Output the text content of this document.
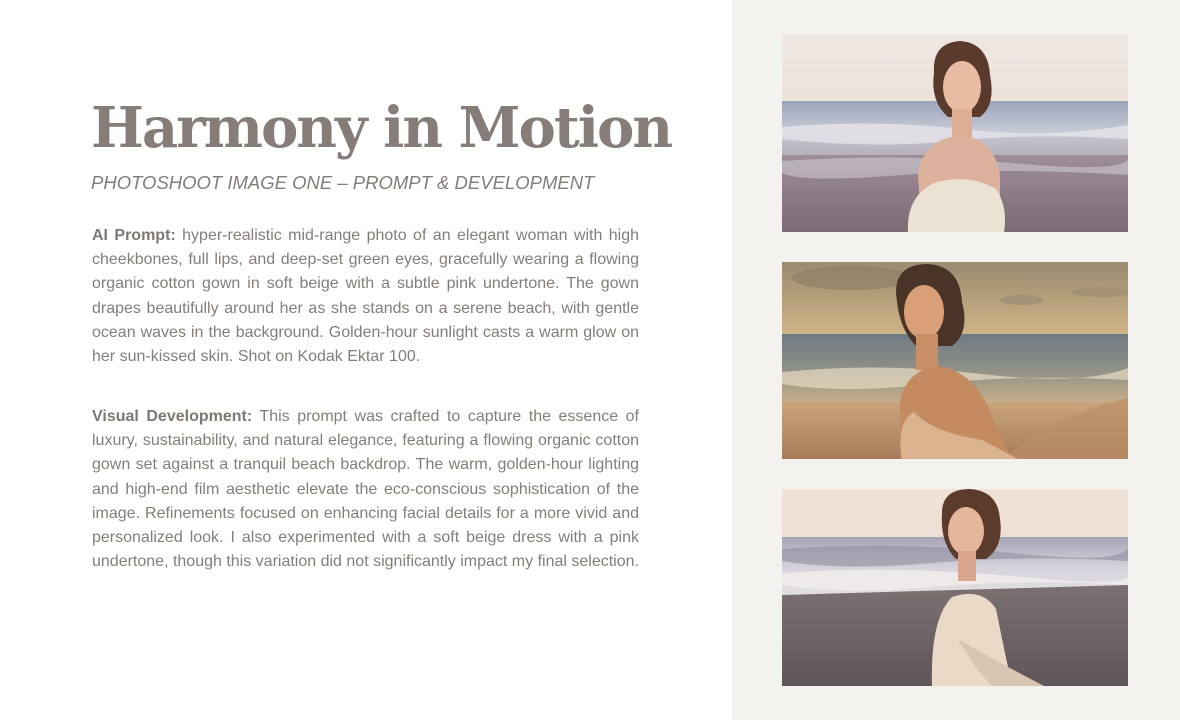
Harmony in Motion

PHOTOSHOOT IMAGE ONE – PROMPT & DEVELOPMENT

AI Prompt: hyper-realistic mid-range photo of an elegant woman with high cheekbones, full lips, and deep-set green eyes, gracefully wearing a flowing organic cotton gown in soft beige with a subtle pink undertone. The gown drapes beautifully around her as she stands on a serene beach, with gentle ocean waves in the background. Golden-hour sunlight casts a warm glow on her sun-kissed skin. Shot on Kodak Ektar 100.

Visual Development: This prompt was crafted to capture the essence of luxury, sustainability, and natural elegance, featuring a flowing organic cotton gown set against a tranquil beach backdrop. The warm, golden-hour lighting and high-end film aesthetic elevate the eco-conscious sophistication of the image. Refinements focused on enhancing facial details for a more vivid and personalized look. I also experimented with a soft beige dress with a pink undertone, though this variation did not significantly impact my final selection.
